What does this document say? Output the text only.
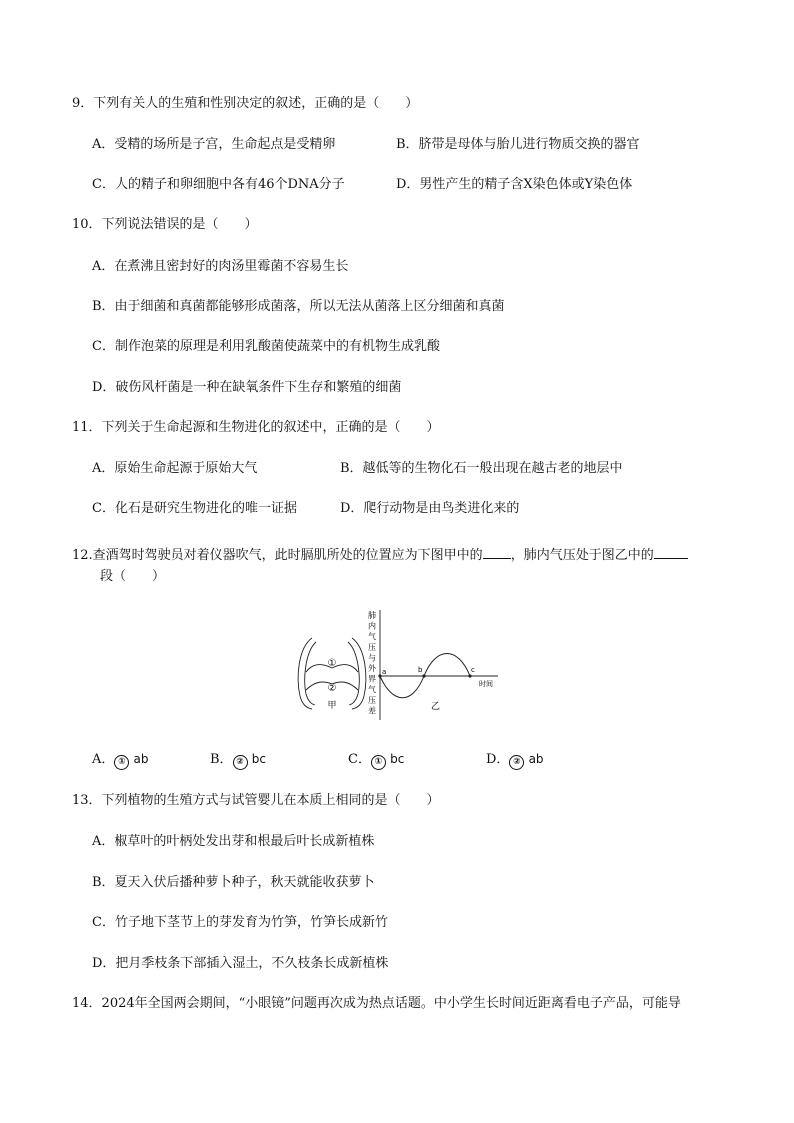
9．下列有关人的生殖和性别决定的叙述，正确的是（　　）
A．受精的场所是子宫，生命起点是受精卵	B．脐带是母体与胎儿进行物质交换的器官
C．人的精子和卵细胞中各有46个DNA分子	D．男性产生的精子含X染色体或Y染色体
10．下列说法错误的是（　　）
A．在煮沸且密封好的肉汤里霉菌不容易生长
B．由于细菌和真菌都能够形成菌落，所以无法从菌落上区分细菌和真菌
C．制作泡菜的原理是利用乳酸菌使蔬菜中的有机物生成乳酸
D．破伤风杆菌是一种在缺氧条件下生存和繁殖的细菌
11．下列关于生命起源和生物进化的叙述中，正确的是（　　）
A．原始生命起源于原始大气	B．越低等的生物化石一般出现在越古老的地层中
C．化石是研究生物进化的唯一证据	D．爬行动物是由鸟类进化来的
12.查酒驾时驾驶员对着仪器吹气，此时膈肌所处的位置应为下图甲中的 ，肺内气压处于图乙中的
段（　　）
①
②
甲
肺
内
气
压
与
外
界
气
压
差
a	b	c
时间
乙
A． ① ab	B． ② bc	C． ① bc	D． ② ab
13．下列植物的生殖方式与试管婴儿在本质上相同的是（　　）
A．椒草叶的叶柄处发出芽和根最后叶长成新植株
B．夏天入伏后播种萝卜种子，秋天就能收获萝卜
C．竹子地下茎节上的芽发育为竹笋，竹笋长成新竹
D．把月季枝条下部插入湿土，不久枝条长成新植株
14．2024年全国两会期间，“小眼镜”问题再次成为热点话题。中小学生长时间近距离看电子产品，可能导
